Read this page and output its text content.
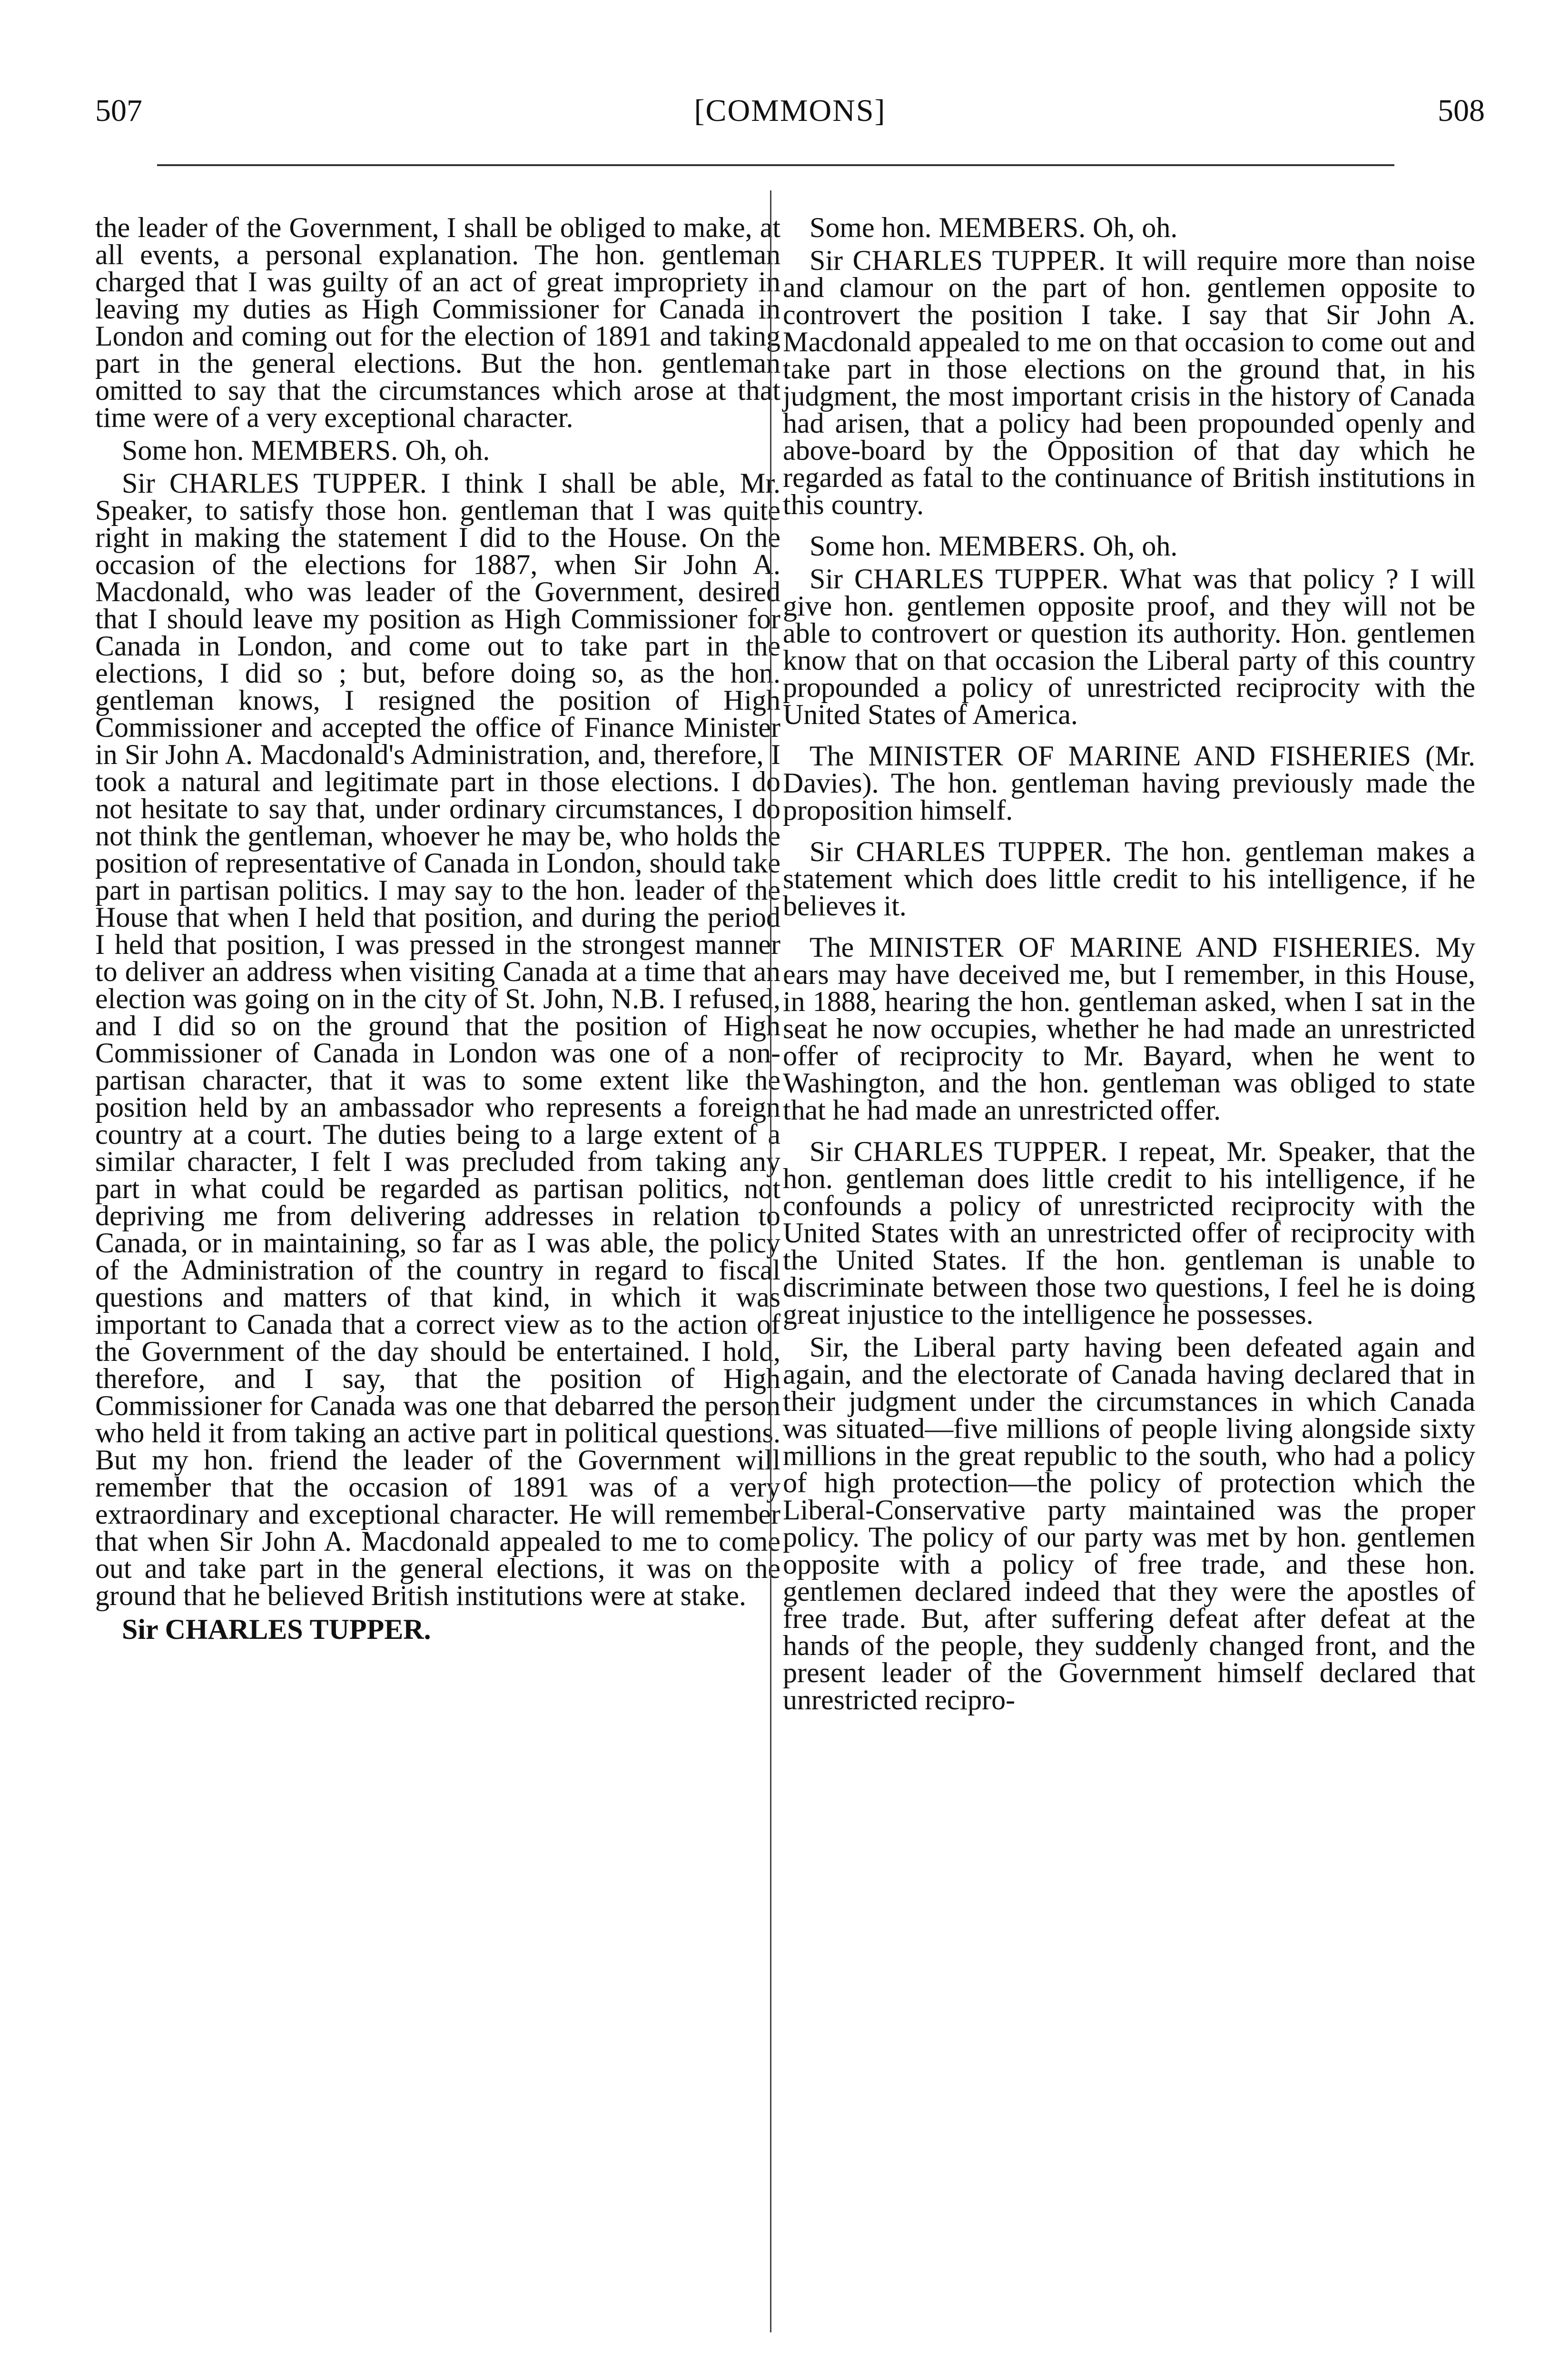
507	[COMMONS]	508

the leader of the Government, I shall be obliged to make, at all events, a personal explanation. The hon. gentleman charged that I was guilty of an act of great impropriety in leaving my duties as High Commissioner for Canada in London and coming out for the election of 1891 and taking part in the general elections. But the hon. gentleman omitted to say that the circumstances which arose at that time were of a very exceptional character.

Some hon. MEMBERS. Oh, oh.

Sir CHARLES TUPPER. I think I shall be able, Mr. Speaker, to satisfy those hon. gentleman that I was quite right in making the statement I did to the House. On the occasion of the elections for 1887, when Sir John A. Macdonald, who was leader of the Government, desired that I should leave my position as High Commissioner for Canada in London, and come out to take part in the elections, I did so ; but, before doing so, as the hon. gentleman knows, I resigned the position of High Commissioner and accepted the office of Finance Minister in Sir John A. Macdonald's Administration, and, therefore, I took a natural and legitimate part in those elections. I do not hesitate to say that, under ordinary circumstances, I do not think the gentleman, whoever he may be, who holds the position of representative of Canada in London, should take part in partisan politics. I may say to the hon. leader of the House that when I held that position, and during the period I held that position, I was pressed in the strongest manner to deliver an address when visiting Canada at a time that an election was going on in the city of St. John, N.B. I refused, and I did so on the ground that the position of High Commissioner of Canada in London was one of a non-partisan character, that it was to some extent like the position held by an ambassador who represents a foreign country at a court. The duties being to a large extent of a similar character, I felt I was precluded from taking any part in what could be regarded as partisan politics, not depriving me from delivering addresses in relation to Canada, or in maintaining, so far as I was able, the policy of the Administration of the country in regard to fiscal questions and matters of that kind, in which it was important to Canada that a correct view as to the action of the Government of the day should be entertained. I hold, therefore, and I say, that the position of High Commissioner for Canada was one that debarred the person who held it from taking an active part in political questions. But my hon. friend the leader of the Government will remember that the occasion of 1891 was of a very extraordinary and exceptional character. He will remember that when Sir John A. Macdonald appealed to me to come out and take part in the general elections, it was on the ground that he believed British institutions were at stake.

Sir CHARLES TUPPER.

Some hon. MEMBERS. Oh, oh.

Sir CHARLES TUPPER. It will require more than noise and clamour on the part of hon. gentlemen opposite to controvert the position I take. I say that Sir John A. Macdonald appealed to me on that occasion to come out and take part in those elections on the ground that, in his judgment, the most important crisis in the history of Canada had arisen, that a policy had been propounded openly and above-board by the Opposition of that day which he regarded as fatal to the continuance of British institutions in this country.

Some hon. MEMBERS. Oh, oh.

Sir CHARLES TUPPER. What was that policy ? I will give hon. gentlemen opposite proof, and they will not be able to controvert or question its authority. Hon. gentlemen know that on that occasion the Liberal party of this country propounded a policy of unrestricted reciprocity with the United States of America.

The MINISTER OF MARINE AND FISHERIES (Mr. Davies). The hon. gentleman having previously made the proposition himself.

Sir CHARLES TUPPER. The hon. gentleman makes a statement which does little credit to his intelligence, if he believes it.

The MINISTER OF MARINE AND FISHERIES. My ears may have deceived me, but I remember, in this House, in 1888, hearing the hon. gentleman asked, when I sat in the seat he now occupies, whether he had made an unrestricted offer of reciprocity to Mr. Bayard, when he went to Washington, and the hon. gentleman was obliged to state that he had made an unrestricted offer.

Sir CHARLES TUPPER. I repeat, Mr. Speaker, that the hon. gentleman does little credit to his intelligence, if he confounds a policy of unrestricted reciprocity with the United States with an unrestricted offer of reciprocity with the United States. If the hon. gentleman is unable to discriminate between those two questions, I feel he is doing great injustice to the intelligence he possesses.

Sir, the Liberal party having been defeated again and again, and the electorate of Canada having declared that in their judgment under the circumstances in which Canada was situated—five millions of people living alongside sixty millions in the great republic to the south, who had a policy of high protection—the policy of protection which the Liberal-Conservative party maintained was the proper policy. The policy of our party was met by hon. gentlemen opposite with a policy of free trade, and these hon. gentlemen declared indeed that they were the apostles of free trade. But, after suffering defeat after defeat at the hands of the people, they suddenly changed front, and the present leader of the Government himself declared that unrestricted recipro-
